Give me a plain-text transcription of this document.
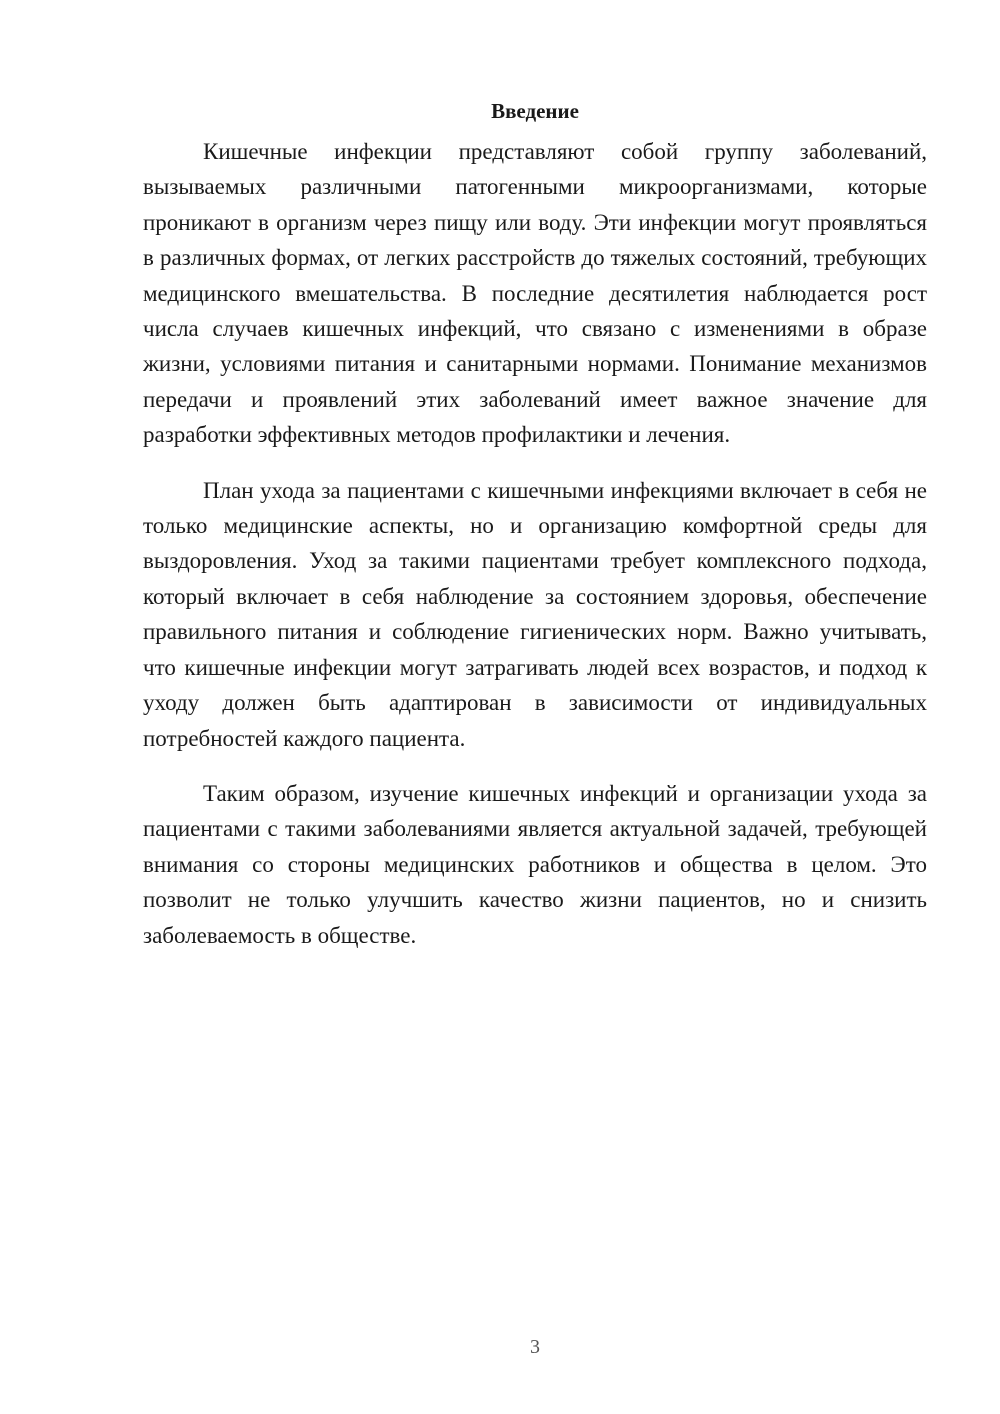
Введение

Кишечные инфекции представляют собой группу заболеваний, вызываемых различными патогенными микроорганизмами, которые проникают в организм через пищу или воду. Эти инфекции могут проявляться в различных формах, от легких расстройств до тяжелых состояний, требующих медицинского вмешательства. В последние десятилетия наблюдается рост числа случаев кишечных инфекций, что связано с изменениями в образе жизни, условиями питания и санитарными нормами. Понимание механизмов передачи и проявлений этих заболеваний имеет важное значение для разработки эффективных методов профилактики и лечения.

План ухода за пациентами с кишечными инфекциями включает в себя не только медицинские аспекты, но и организацию комфортной среды для выздоровления. Уход за такими пациентами требует комплексного подхода, который включает в себя наблюдение за состоянием здоровья, обеспечение правильного питания и соблюдение гигиенических норм. Важно учитывать, что кишечные инфекции могут затрагивать людей всех возрастов, и подход к уходу должен быть адаптирован в зависимости от индивидуальных потребностей каждого пациента.

Таким образом, изучение кишечных инфекций и организации ухода за пациентами с такими заболеваниями является актуальной задачей, требующей внимания со стороны медицинских работников и общества в целом. Это позволит не только улучшить качество жизни пациентов, но и снизить заболеваемость в обществе.

3
